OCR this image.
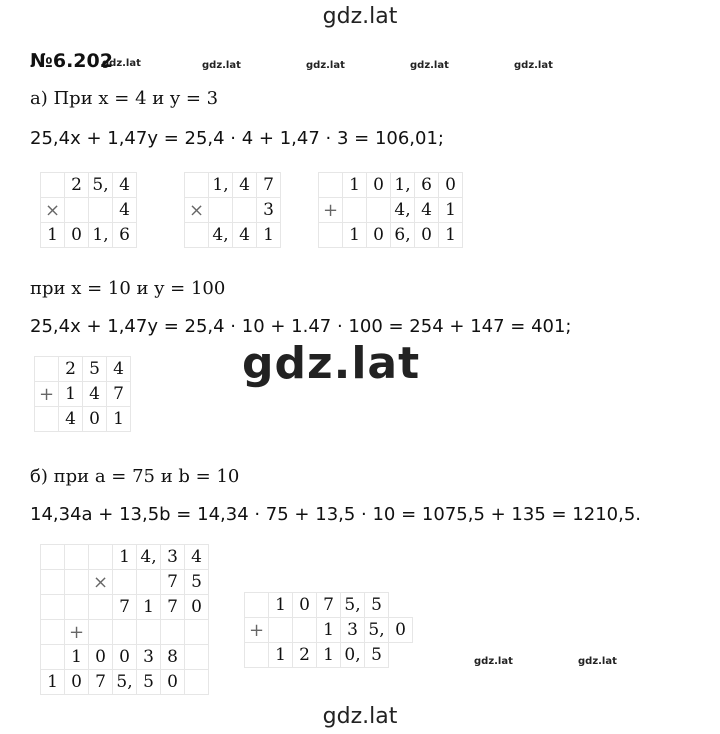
gdz.lat
gdz.lat
gdz.lat
gdz.lat	gdz.lat	gdz.lat	gdz.lat	gdz.lat
gdz.lat	gdz.lat
№6.202
а) При x = 4 и y = 3
25,4x + 1,47y = 25,4 · 4 + 1,47 · 3 = 106,01;
	2	5,	4
×			4
1	0	1,	6
	1,	4	7
×			3
	4,	4	1
	1	0	1,	6	0
+			4,	4	1
	1	0	6,	0	1
при x = 10 и y = 100
25,4x + 1,47y = 25,4 · 10 + 1.47 · 100 = 254 + 147 = 401;
	2	5	4
+	1	4	7
	4	0	1
б) при a = 75 и b = 10
14,34a + 13,5b = 14,34 · 75 + 13,5 · 10 = 1075,5 + 135 = 1210,5.
			1	4,	3	4
		×			7	5
			7	1	7	0
	+					
	1	0	0	3	8	
1	0	7	5,	5	0	
	1	0	7	5,	5	
+			1	3	5,	0
	1	2	1	0,	5	
